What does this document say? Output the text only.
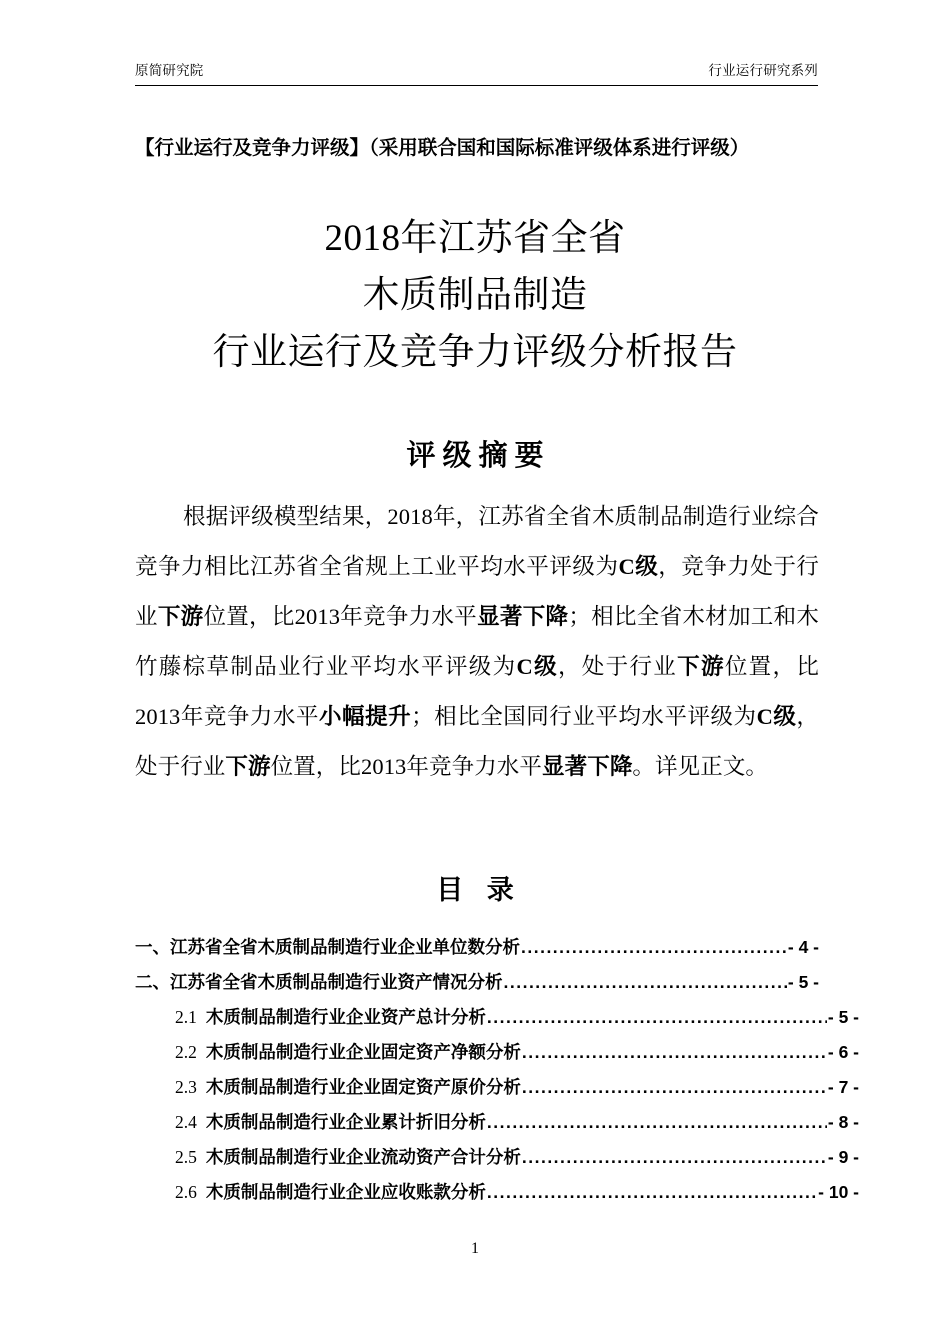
原简研究院	行业运行研究系列
【行业运行及竞争力评级】（采用联合国和国际标准评级体系进行评级）
2018年江苏省全省
木质制品制造
行业运行及竞争力评级分析报告
评级摘要
根据评级模型结果，2018年，江苏省全省木质制品制造行业综合竞争力相比江苏省全省规上工业平均水平评级为C级，竞争力处于行业下游位置，比2013年竞争力水平显著下降；相比全省木材加工和木竹藤棕草制品业行业平均水平评级为C级，处于行业下游位置，比2013年竞争力水平小幅提升；相比全国同行业平均水平评级为C级，处于行业下游位置，比2013年竞争力水平显著下降。详见正文。
目 录
一、江苏省全省木质制品制造行业企业单位数分析 .....	- 4 -
二、江苏省全省木质制品制造行业资产情况分析 .....	- 5 -
2.1 木质制品制造行业企业资产总计分析 .....	- 5 -
2.2 木质制品制造行业企业固定资产净额分析 .....	- 6 -
2.3 木质制品制造行业企业固定资产原价分析 .....	- 7 -
2.4 木质制品制造行业企业累计折旧分析 .....	- 8 -
2.5 木质制品制造行业企业流动资产合计分析 .....	- 9 -
2.6 木质制品制造行业企业应收账款分析 .....	- 10 -
1
